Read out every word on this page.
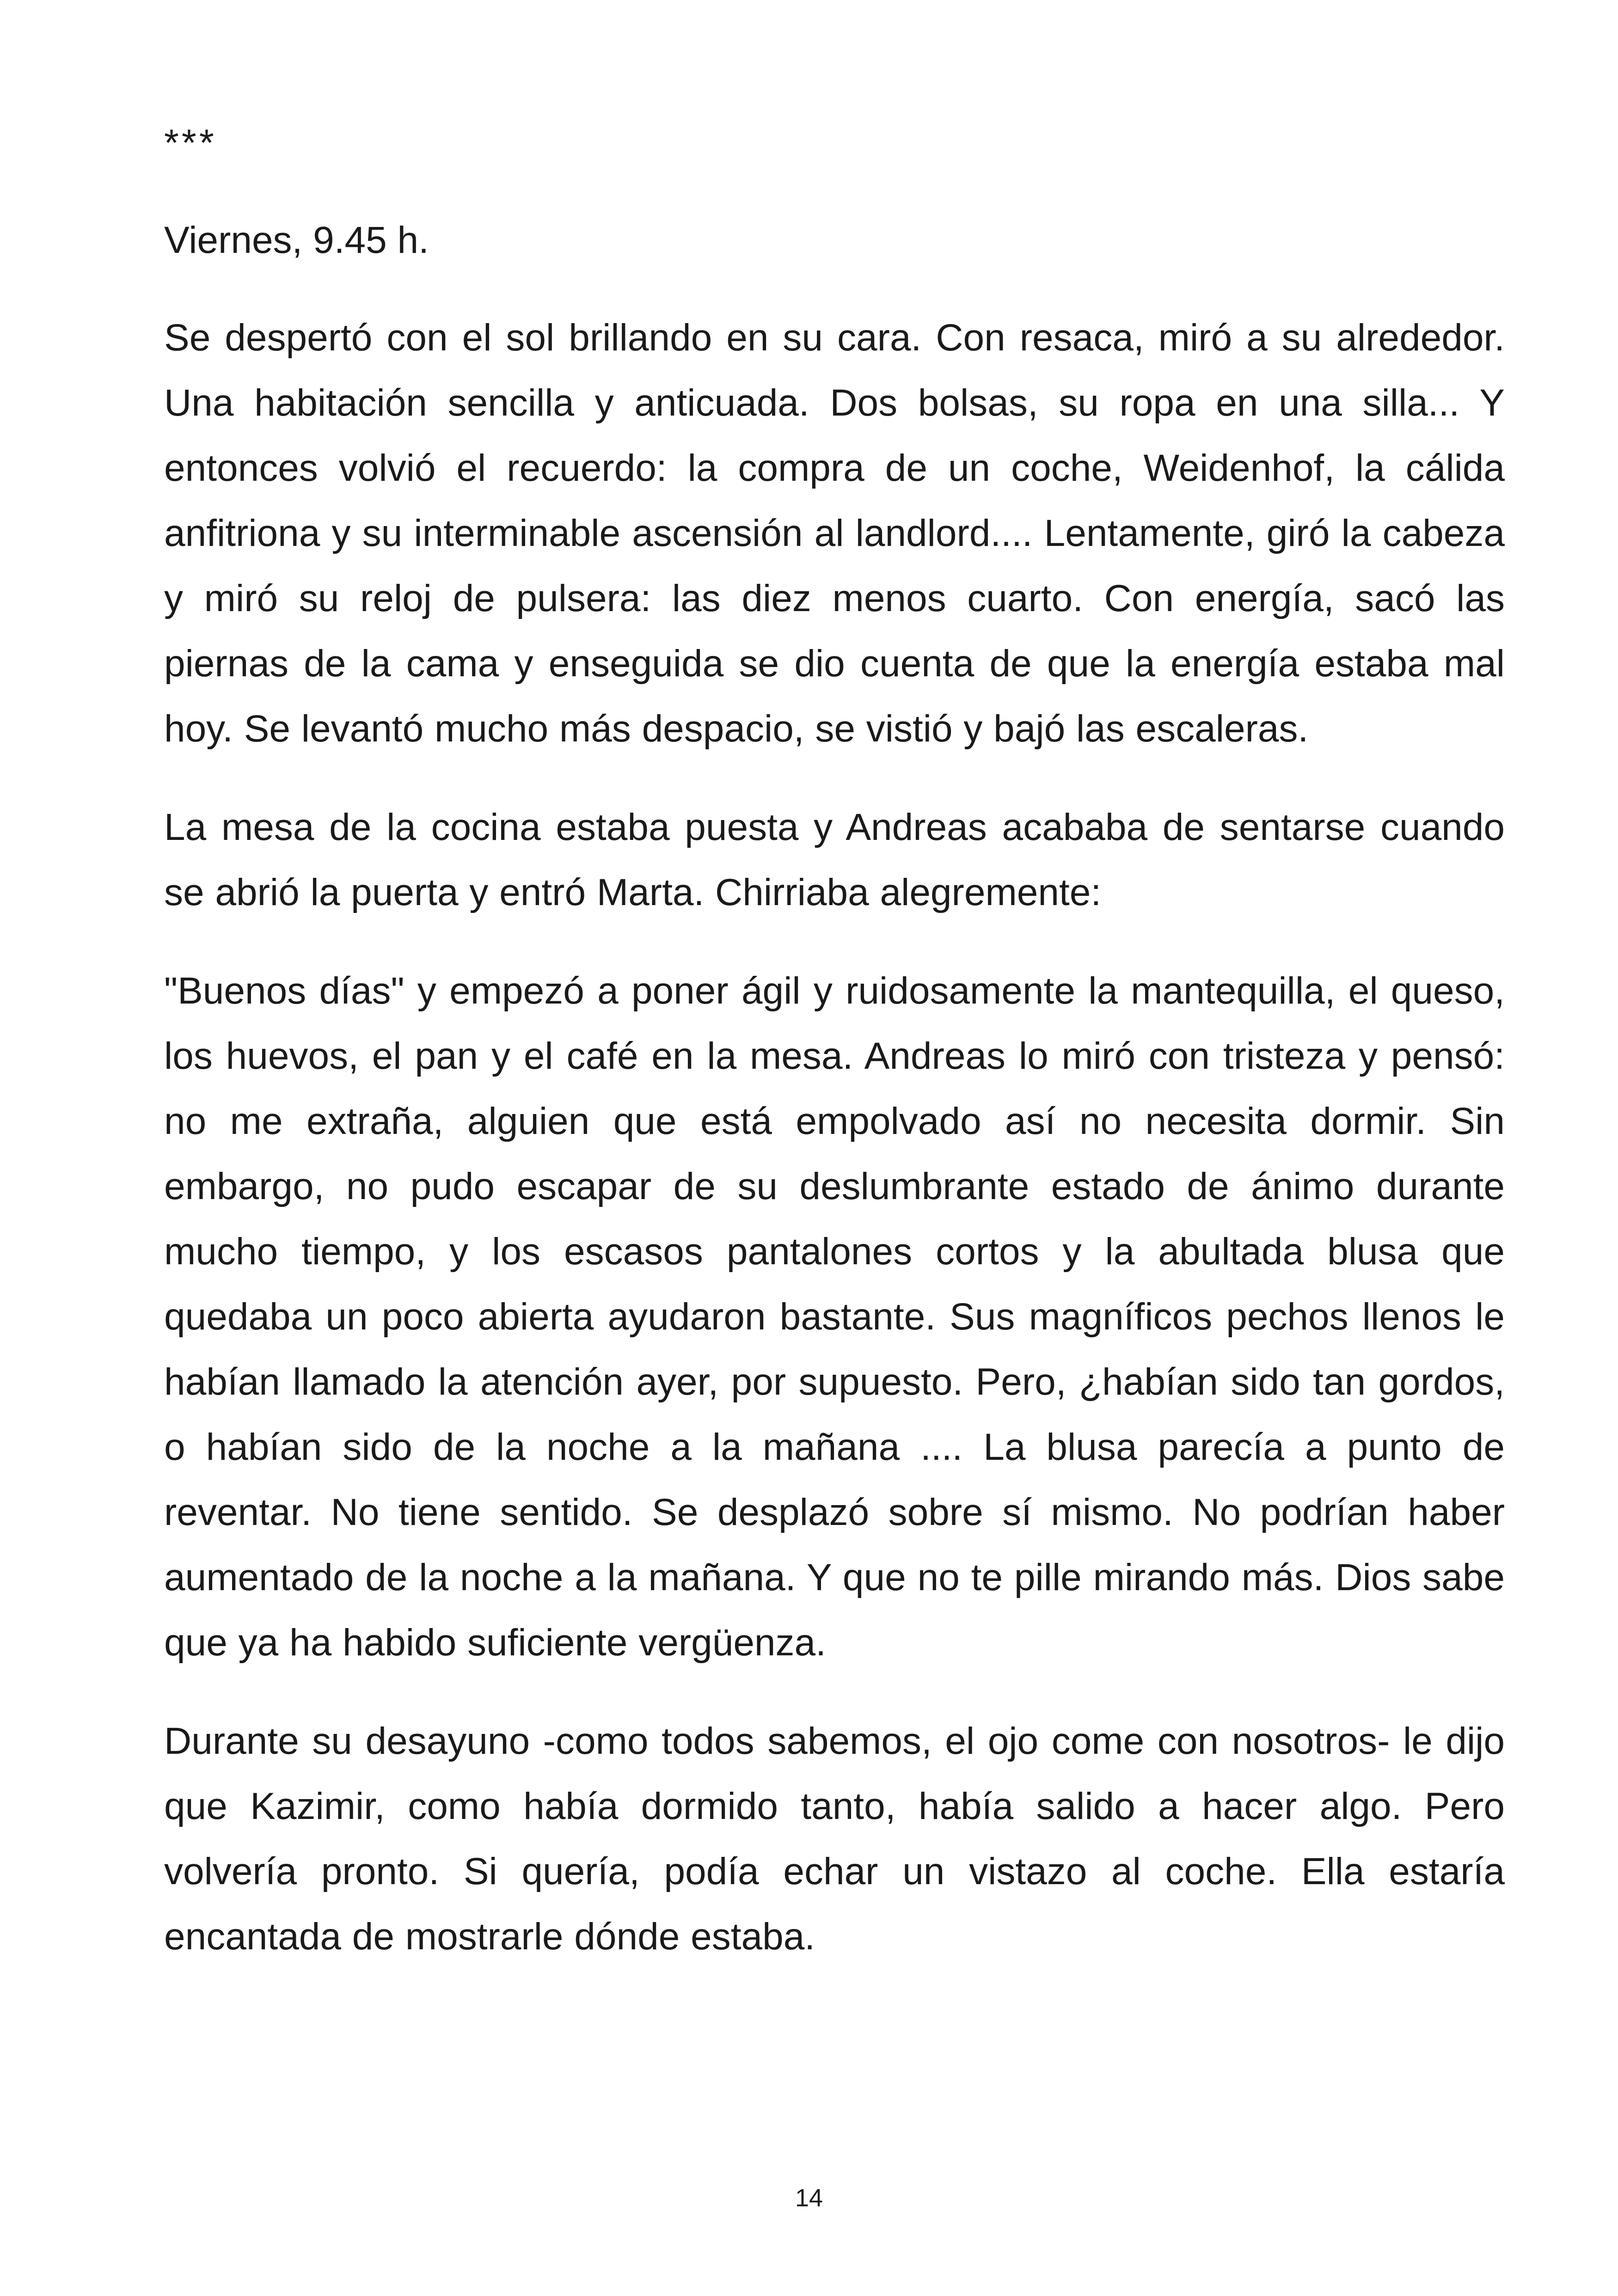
***
Viernes, 9.45 h.

Se despertó con el sol brillando en su cara. Con resaca, miró a su alrededor. Una habitación sencilla y anticuada. Dos bolsas, su ropa en una silla... Y entonces volvió el recuerdo: la compra de un coche, Weidenhof, la cálida anfitriona y su interminable ascensión al landlord.... Lentamente, giró la cabeza y miró su reloj de pulsera: las diez menos cuarto. Con energía, sacó las piernas de la cama y enseguida se dio cuenta de que la energía estaba mal hoy. Se levantó mucho más despacio, se vistió y bajó las escaleras.

La mesa de la cocina estaba puesta y Andreas acababa de sentarse cuando se abrió la puerta y entró Marta. Chirriaba alegremente:

"Buenos días" y empezó a poner ágil y ruidosamente la mantequilla, el queso, los huevos, el pan y el café en la mesa. Andreas lo miró con tristeza y pensó: no me extraña, alguien que está empolvado así no necesita dormir. Sin embargo, no pudo escapar de su deslumbrante estado de ánimo durante mucho tiempo, y los escasos pantalones cortos y la abultada blusa que quedaba un poco abierta ayudaron bastante. Sus magníficos pechos llenos le habían llamado la atención ayer, por supuesto. Pero, ¿habían sido tan gordos, o habían sido de la noche a la mañana .... La blusa parecía a punto de reventar. No tiene sentido. Se desplazó sobre sí mismo. No podrían haber aumentado de la noche a la mañana. Y que no te pille mirando más. Dios sabe que ya ha habido suficiente vergüenza.

Durante su desayuno -como todos sabemos, el ojo come con nosotros- le dijo que Kazimir, como había dormido tanto, había salido a hacer algo. Pero volvería pronto. Si quería, podía echar un vistazo al coche. Ella estaría encantada de mostrarle dónde estaba.

14
